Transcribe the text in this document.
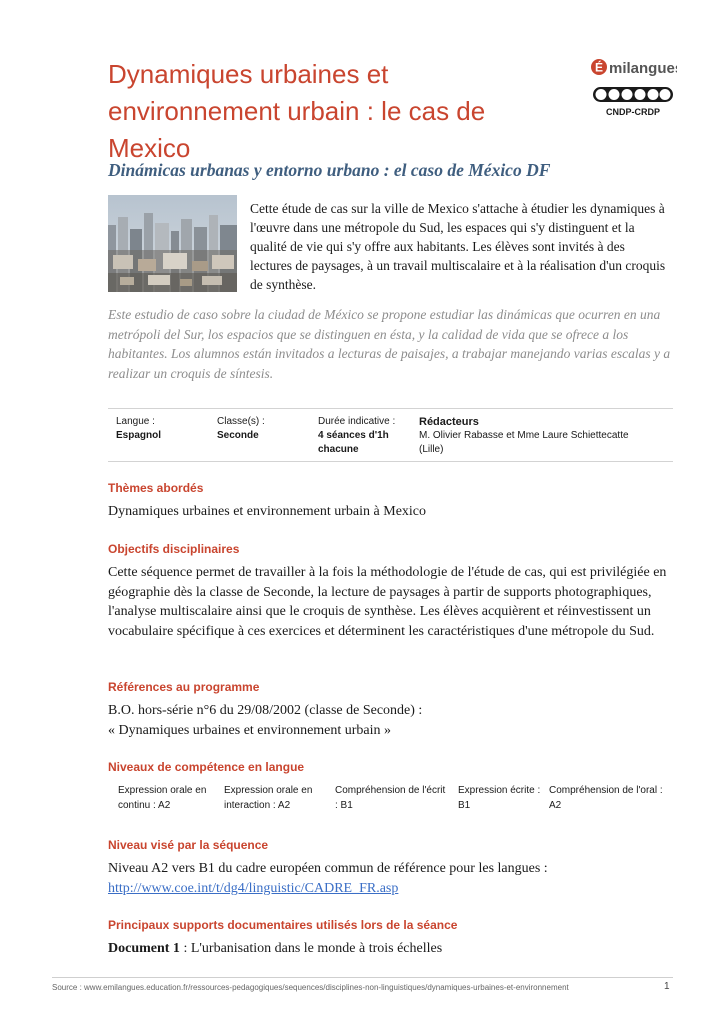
Dynamiques urbaines et environnement urbain : le cas de Mexico
Dinámicas urbanas y entorno urbano : el caso de México DF
É milangues
CNDP-CRDP
Cette étude de cas sur la ville de Mexico s'attache à étudier les dynamiques à l'œuvre dans une métropole du Sud, les espaces qui s'y distinguent et la qualité de vie qui s'y offre aux habitants. Les élèves sont invités à des lectures de paysages, à un travail multiscalaire et à la réalisation d'un croquis de synthèse.
Este estudio de caso sobre la ciudad de México se propone estudiar las dinámicas que ocurren en una metrópoli del Sur, los espacios que se distinguen en ésta, y la calidad de vida que se ofrece a los habitantes. Los alumnos están invitados a lecturas de paisajes, a trabajar manejando varias escalas y a realizar un croquis de síntesis.
Langue :
Espagnol
Classe(s) :
Seconde
Durée indicative :
4 séances d'1h
chacune
Rédacteurs
M. Olivier Rabasse et Mme Laure Schiettecatte
(Lille)
Thèmes abordés
Dynamiques urbaines et environnement urbain à Mexico
Objectifs disciplinaires
Cette séquence permet de travailler à la fois la méthodologie de l'étude de cas, qui est privilégiée en géographie dès la classe de Seconde, la lecture de paysages à partir de supports photographiques, l'analyse multiscalaire ainsi que le croquis de synthèse. Les élèves acquièrent et réinvestissent un vocabulaire spécifique à ces exercices et déterminent les caractéristiques d'une métropole du Sud.
Références au programme
B.O. hors-série n°6 du 29/08/2002 (classe de Seconde) :
« Dynamiques urbaines et environnement urbain »
Niveaux de compétence en langue
Expression orale en
continu : A2
Expression orale en
interaction : A2
Compréhension de l'écrit
: B1
Expression écrite :
B1
Compréhension de l'oral :
A2
Niveau visé par la séquence
Niveau A2 vers B1 du cadre européen commun de référence pour les langues :
http://www.coe.int/t/dg4/linguistic/CADRE_FR.asp
Principaux supports documentaires utilisés lors de la séance
Document 1 : L'urbanisation dans le monde à trois échelles
Source : www.emilangues.education.fr/ressources-pedagogiques/sequences/disciplines-non-linguistiques/dynamiques-urbaines-et-environnement	1
